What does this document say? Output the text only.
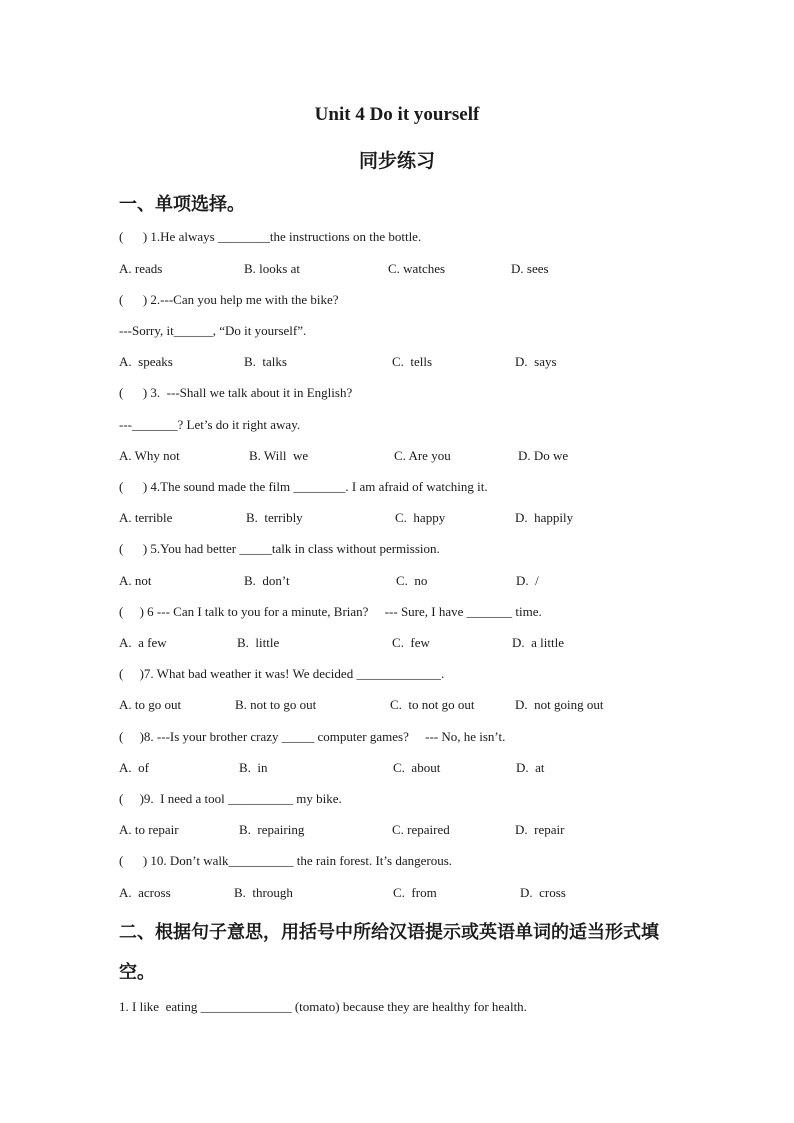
Unit 4 Do it yourself
同步练习
一、单项选择。
(      ) 1.He always ________the instructions on the bottle.
A. reads	B. looks at	C. watches	D. sees
(      ) 2.---Can you help me with the bike?
---Sorry, it______, “Do it yourself”.
A.  speaks	B.  talks	C.  tells	D.  says
(      ) 3.  ---Shall we talk about it in English?
---_______? Let’s do it right away.
A. Why not	B. Will  we	C. Are you	D. Do we
(      ) 4.The sound made the film ________. I am afraid of watching it.
A. terrible	B.  terribly	C.  happy	D.  happily
(      ) 5.You had better _____talk in class without permission.
A. not	B.  don’t	C.  no	D.  /
(     ) 6 --- Can I talk to you for a minute, Brian?     --- Sure, I have _______ time.
A.  a few	B.  little	C.  few	D.  a little
(     )7. What bad weather it was! We decided _____________.
A. to go out	B. not to go out	C.  to not go out	D.  not going out
(     )8. ---Is your brother crazy _____ computer games?     --- No, he isn’t.
A.  of	B.  in	C.  about	D.  at
(     )9.  I need a tool __________ my bike.
A. to repair	B.  repairing	C. repaired	D.  repair
(      ) 10. Don’t walk__________ the rain forest. It’s dangerous.
A.  across	B.  through	C.  from	D.  cross
二、根据句子意思，用括号中所给汉语提示或英语单词的适当形式填
空。
1. I like  eating ______________ (tomato) because they are healthy for health.
